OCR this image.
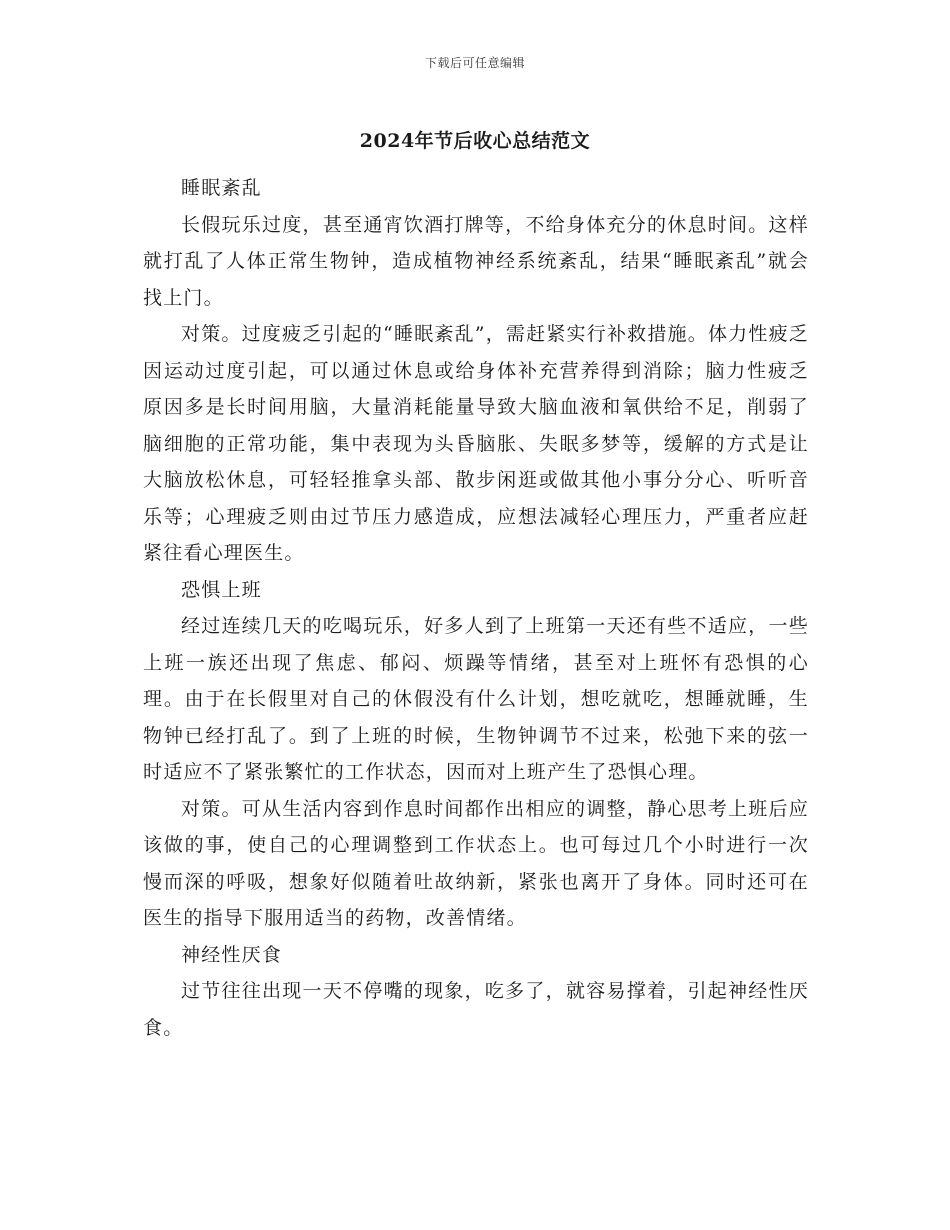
下载后可任意编辑
2024年节后收心总结范文

睡眠紊乱

长假玩乐过度，甚至通宵饮酒打牌等，不给身体充分的休息时间。这样就打乱了人体正常生物钟，造成植物神经系统紊乱，结果“睡眠紊乱”就会找上门。

对策。过度疲乏引起的“睡眠紊乱”，需赶紧实行补救措施。体力性疲乏因运动过度引起，可以通过休息或给身体补充营养得到消除；脑力性疲乏原因多是长时间用脑，大量消耗能量导致大脑血液和氧供给不足，削弱了脑细胞的正常功能，集中表现为头昏脑胀、失眠多梦等，缓解的方式是让大脑放松休息，可轻轻推拿头部、散步闲逛或做其他小事分分心、听听音乐等；心理疲乏则由过节压力感造成，应想法减轻心理压力，严重者应赶紧往看心理医生。

恐惧上班

经过连续几天的吃喝玩乐，好多人到了上班第一天还有些不适应，一些上班一族还出现了焦虑、郁闷、烦躁等情绪，甚至对上班怀有恐惧的心理。由于在长假里对自己的休假没有什么计划，想吃就吃，想睡就睡，生物钟已经打乱了。到了上班的时候，生物钟调节不过来，松弛下来的弦一时适应不了紧张繁忙的工作状态，因而对上班产生了恐惧心理。

对策。可从生活内容到作息时间都作出相应的调整，静心思考上班后应该做的事，使自己的心理调整到工作状态上。也可每过几个小时进行一次慢而深的呼吸，想象好似随着吐故纳新，紧张也离开了身体。同时还可在医生的指导下服用适当的药物，改善情绪。

神经性厌食

过节往往出现一天不停嘴的现象，吃多了，就容易撑着，引起神经性厌食。
